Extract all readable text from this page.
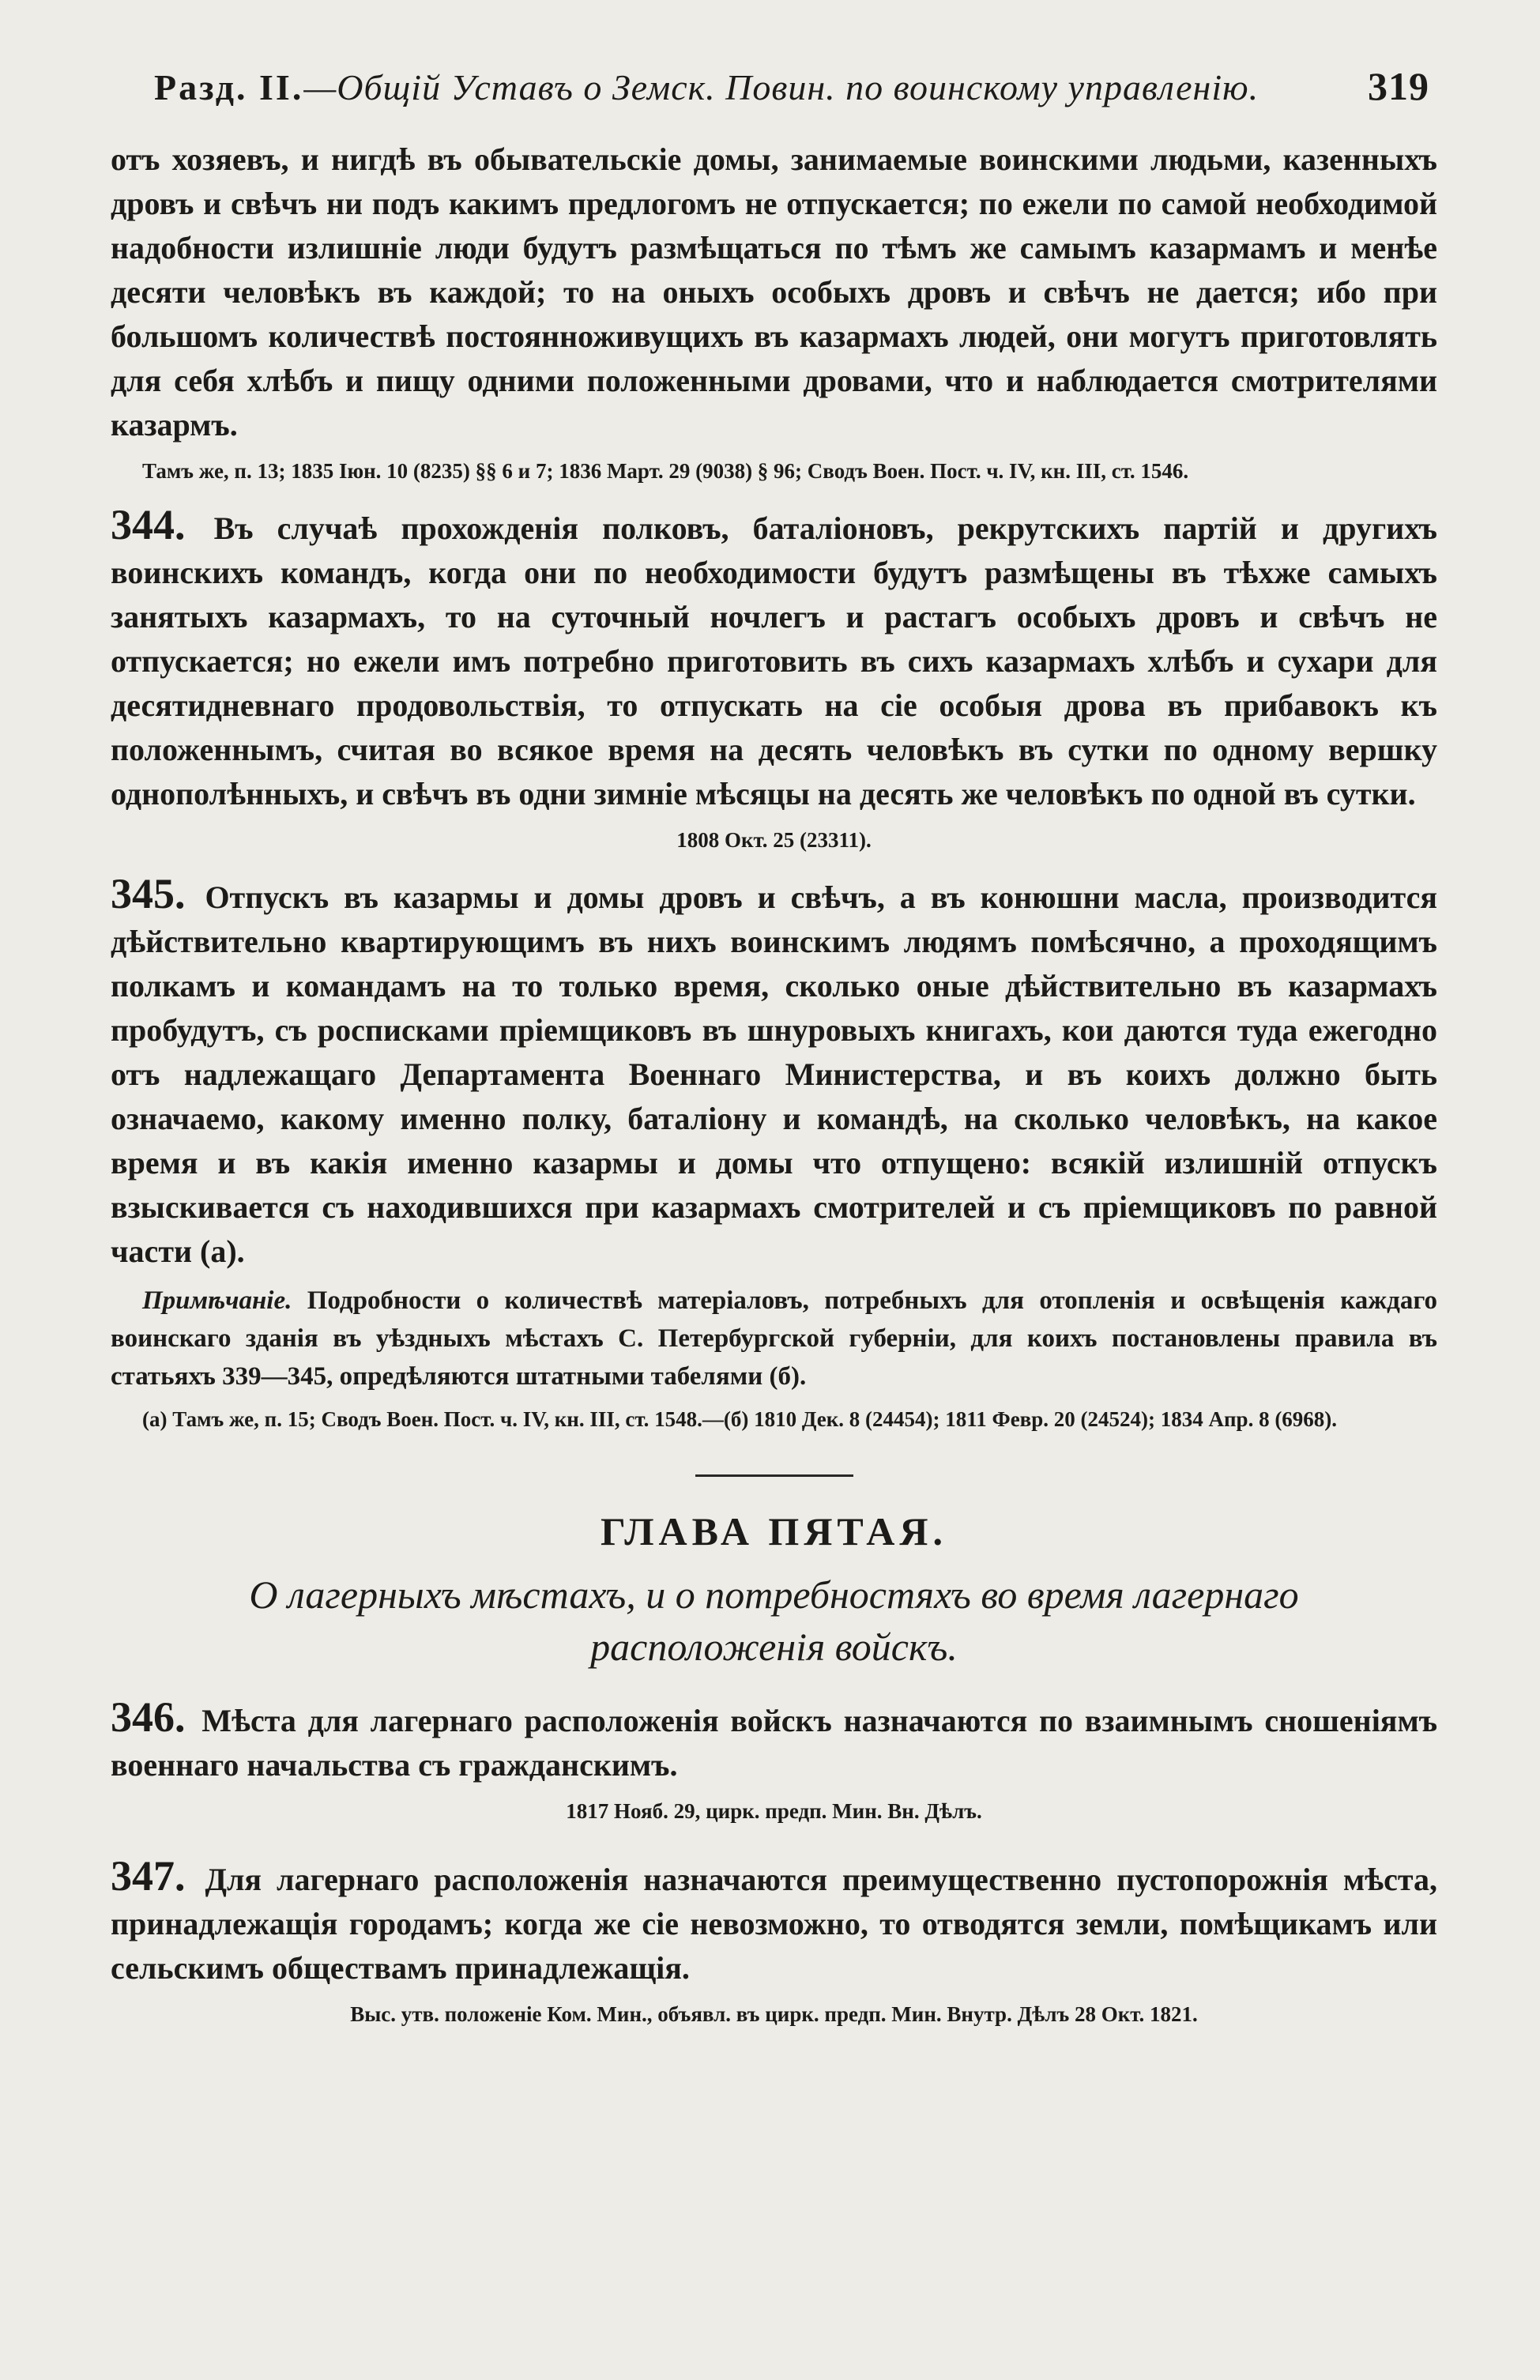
Разд. II.—Общій Уставъ о Земск. Повин. по воинскому управленію.	319

отъ хозяевъ, и нигдѣ въ обывательскіе домы, занимаемые воинскими людьми, казенныхъ дровъ и свѣчъ ни подъ какимъ предлогомъ не отпускается; по ежели по самой необходимой надобности излишніе люди будутъ размѣщаться по тѣмъ же самымъ казармамъ и менѣе десяти человѣкъ въ каждой; то на оныхъ особыхъ дровъ и свѣчъ не дается; ибо при большомъ количествѣ постоянноживущихъ въ казармахъ людей, они могутъ приготовлять для себя хлѣбъ и пищу одними положенными дровами, что и наблюдается смотрителями казармъ.

Тамъ же, п. 13; 1835 Іюн. 10 (8235) §§ 6 и 7; 1836 Март. 29 (9038) § 96; Сводъ Воен. Пост. ч. IV, кн. III, ст. 1546.

344. Въ случаѣ прохожденія полковъ, баталіоновъ, рекрутскихъ партій и другихъ воинскихъ командъ, когда они по необходимости будутъ размѣщены въ тѣхже самыхъ занятыхъ казармахъ, то на суточный ночлегъ и растагъ особыхъ дровъ и свѣчъ не отпускается; но ежели имъ потребно приготовить въ сихъ казармахъ хлѣбъ и сухари для десятидневнаго продовольствія, то отпускать на сіе особыя дрова въ прибавокъ къ положеннымъ, считая во всякое время на десять человѣкъ въ сутки по одному вершку однополѣнныхъ, и свѣчъ въ одни зимніе мѣсяцы на десять же человѣкъ по одной въ сутки.

1808 Окт. 25 (23311).

345. Отпускъ въ казармы и домы дровъ и свѣчъ, а въ конюшни масла, производится дѣйствительно квартирующимъ въ нихъ воинскимъ людямъ помѣсячно, а проходящимъ полкамъ и командамъ на то только время, сколько оные дѣйствительно въ казармахъ пробудутъ, съ росписками пріемщиковъ въ шнуровыхъ книгахъ, кои даются туда ежегодно отъ надлежащаго Департамента Военнаго Министерства, и въ коихъ должно быть означаемо, какому именно полку, баталіону и командѣ, на сколько человѣкъ, на какое время и въ какія именно казармы и домы что отпущено: всякій излишній отпускъ взыскивается съ находившихся при казармахъ смотрителей и съ пріемщиковъ по равной части (а).

Примѣчаніе. Подробности о количествѣ матеріаловъ, потребныхъ для отопленія и освѣщенія каждаго воинскаго зданія въ уѣздныхъ мѣстахъ С. Петербургской губерніи, для коихъ постановлены правила въ статьяхъ 339—345, опредѣляются штатными табелями (б).

(а) Тамъ же, п. 15; Сводъ Воен. Пост. ч. IV, кн. III, ст. 1548.—(б) 1810 Дек. 8 (24454); 1811 Февр. 20 (24524); 1834 Апр. 8 (6968).

ГЛАВА ПЯТАЯ.
О лагерныхъ мѣстахъ, и о потребностяхъ во время лагернаго расположенія войскъ.

346. Мѣста для лагернаго расположенія войскъ назначаются по взаимнымъ сношеніямъ военнаго начальства съ гражданскимъ.

1817 Нояб. 29, цирк. предп. Мин. Вн. Дѣлъ.

347. Для лагернаго расположенія назначаются преимущественно пустопорожнія мѣста, принадлежащія городамъ; когда же сіе невозможно, то отводятся земли, помѣщикамъ или сельскимъ обществамъ принадлежащія.

Выс. утв. положеніе Ком. Мин., объявл. въ цирк. предп. Мин. Внутр. Дѣлъ 28 Окт. 1821.
